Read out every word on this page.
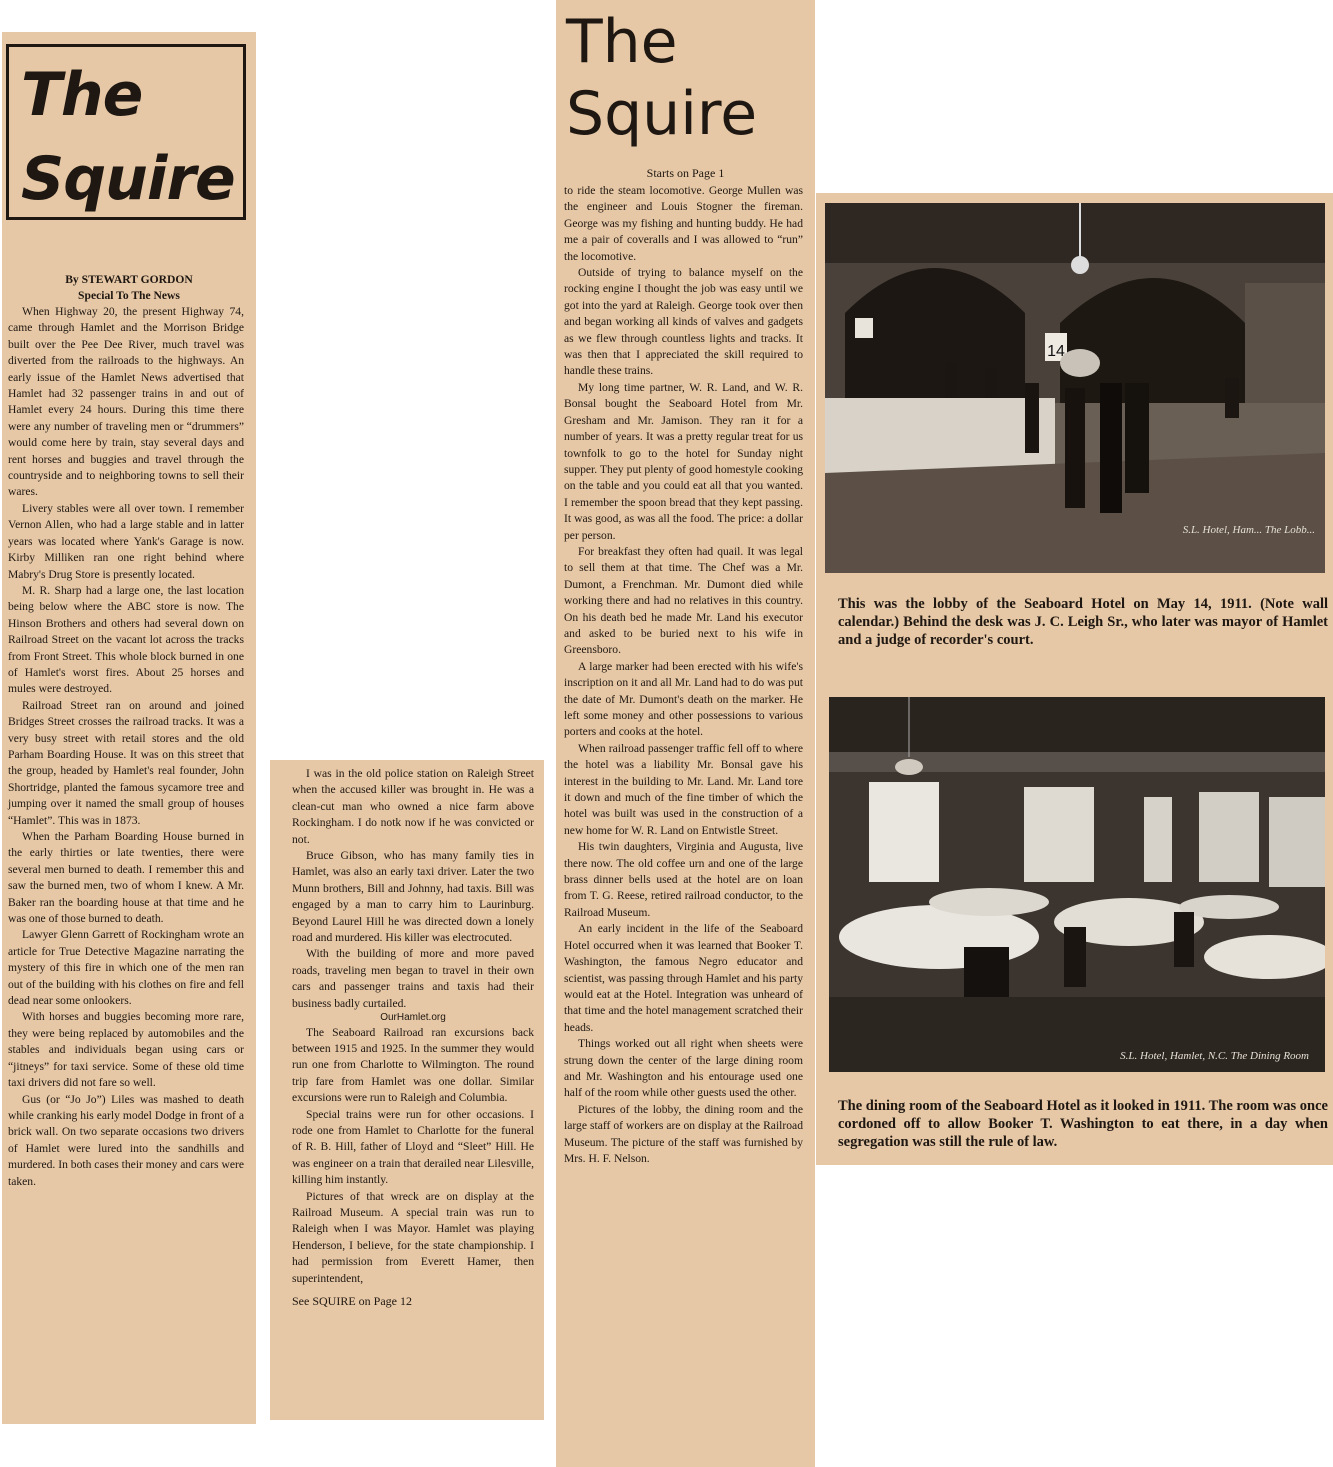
The
Squire
By STEWART GORDON
Special To The News

When Highway 20, the present Highway 74, came through Hamlet and the Morrison Bridge built over the Pee Dee River, much travel was diverted from the railroads to the highways. An early issue of the Hamlet News advertised that Hamlet had 32 passenger trains in and out of Hamlet every 24 hours. During this time there were any number of traveling men or “drummers” would come here by train, stay several days and rent horses and buggies and travel through the countryside and to neighboring towns to sell their wares.

Livery stables were all over town. I remember Vernon Allen, who had a large stable and in latter years was located where Yank's Garage is now. Kirby Milliken ran one right behind where Mabry's Drug Store is presently located.

M. R. Sharp had a large one, the last location being below where the ABC store is now. The Hinson Brothers and others had several down on Railroad Street on the vacant lot across the tracks from Front Street. This whole block burned in one of Hamlet's worst fires. About 25 horses and mules were destroyed.

Railroad Street ran on around and joined Bridges Street crosses the railroad tracks. It was a very busy street with retail stores and the old Parham Boarding House. It was on this street that the group, headed by Hamlet's real founder, John Shortridge, planted the famous sycamore tree and jumping over it named the small group of houses “Hamlet”. This was in 1873.

When the Parham Boarding House burned in the early thirties or late twenties, there were several men burned to death. I remember this and saw the burned men, two of whom I knew. A Mr. Baker ran the boarding house at that time and he was one of those burned to death.

Lawyer Glenn Garrett of Rockingham wrote an article for True Detective Magazine narrating the mystery of this fire in which one of the men ran out of the building with his clothes on fire and fell dead near some onlookers.

With horses and buggies becoming more rare, they were being replaced by automobiles and the stables and individuals began using cars or “jitneys” for taxi service. Some of these old time taxi drivers did not fare so well.

Gus (or “Jo Jo”) Liles was mashed to death while cranking his early model Dodge in front of a brick wall. On two separate occasions two drivers of Hamlet were lured into the sandhills and murdered. In both cases their money and cars were taken.

I was in the old police station on Raleigh Street when the accused killer was brought in. He was a clean-cut man who owned a nice farm above Rockingham. I do notk now if he was convicted or not.

Bruce Gibson, who has many family ties in Hamlet, was also an early taxi driver. Later the two Munn brothers, Bill and Johnny, had taxis. Bill was engaged by a man to carry him to Laurinburg. Beyond Laurel Hill he was directed down a lonely road and murdered. His killer was electrocuted.

With the building of more and more paved roads, traveling men began to travel in their own cars and passenger trains and taxis had their business badly curtailed.

OurHamlet.org

The Seaboard Railroad ran excursions back between 1915 and 1925. In the summer they would run one from Charlotte to Wilmington. The round trip fare from Hamlet was one dollar. Similar excursions were run to Raleigh and Columbia.

Special trains were run for other occasions. I rode one from Hamlet to Charlotte for the funeral of R. B. Hill, father of Lloyd and “Sleet” Hill. He was engineer on a train that derailed near Lilesville, killing him instantly.

Pictures of that wreck are on display at the Railroad Museum. A special train was run to Raleigh when I was Mayor. Hamlet was playing Henderson, I believe, for the state championship. I had permission from Everett Hamer, then superintendent,

See SQUIRE on Page 12
The
Squire
Starts on Page 1

to ride the steam locomotive. George Mullen was the engineer and Louis Stogner the fireman. George was my fishing and hunting buddy. He had me a pair of coveralls and I was allowed to “run” the locomotive.

Outside of trying to balance myself on the rocking engine I thought the job was easy until we got into the yard at Raleigh. George took over then and began working all kinds of valves and gadgets as we flew through countless lights and tracks. It was then that I appreciated the skill required to handle these trains.

My long time partner, W. R. Land, and W. R. Bonsal bought the Seaboard Hotel from Mr. Gresham and Mr. Jamison. They ran it for a number of years. It was a pretty regular treat for us townfolk to go to the hotel for Sunday night supper. They put plenty of good homestyle cooking on the table and you could eat all that you wanted. I remember the spoon bread that they kept passing. It was good, as was all the food. The price: a dollar per person.

For breakfast they often had quail. It was legal to sell them at that time. The Chef was a Mr. Dumont, a Frenchman. Mr. Dumont died while working there and had no relatives in this country. On his death bed he made Mr. Land his executor and asked to be buried next to his wife in Greensboro.

A large marker had been erected with his wife's inscription on it and all Mr. Land had to do was put the date of Mr. Dumont's death on the marker. He left some money and other possessions to various porters and cooks at the hotel.

When railroad passenger traffic fell off to where the hotel was a liability Mr. Bonsal gave his interest in the building to Mr. Land. Mr. Land tore it down and much of the fine timber of which the hotel was built was used in the construction of a new home for W. R. Land on Entwistle Street.

His twin daughters, Virginia and Augusta, live there now. The old coffee urn and one of the large brass dinner bells used at the hotel are on loan from T. G. Reese, retired railroad conductor, to the Railroad Museum.

An early incident in the life of the Seaboard Hotel occurred when it was learned that Booker T. Washington, the famous Negro educator and scientist, was passing through Hamlet and his party would eat at the Hotel. Integration was unheard of that time and the hotel management scratched their heads.

Things worked out all right when sheets were strung down the center of the large dining room and Mr. Washington and his entourage used one half of the room while other guests used the other.

Pictures of the lobby, the dining room and the large staff of workers are on display at the Railroad Museum. The picture of the staff was furnished by Mrs. H. F. Nelson.

14
S.L. Hotel, Ham... The Lobb...
This was the lobby of the Seaboard Hotel on May 14, 1911. (Note wall calendar.) Behind the desk was J. C. Leigh Sr., who later was mayor of Hamlet and a judge of recorder's court.
S.L. Hotel, Hamlet, N.C. The Dining Room
The dining room of the Seaboard Hotel as it looked in 1911. The room was once cordoned off to allow Booker T. Washington to eat there, in a day when segregation was still the rule of law.
